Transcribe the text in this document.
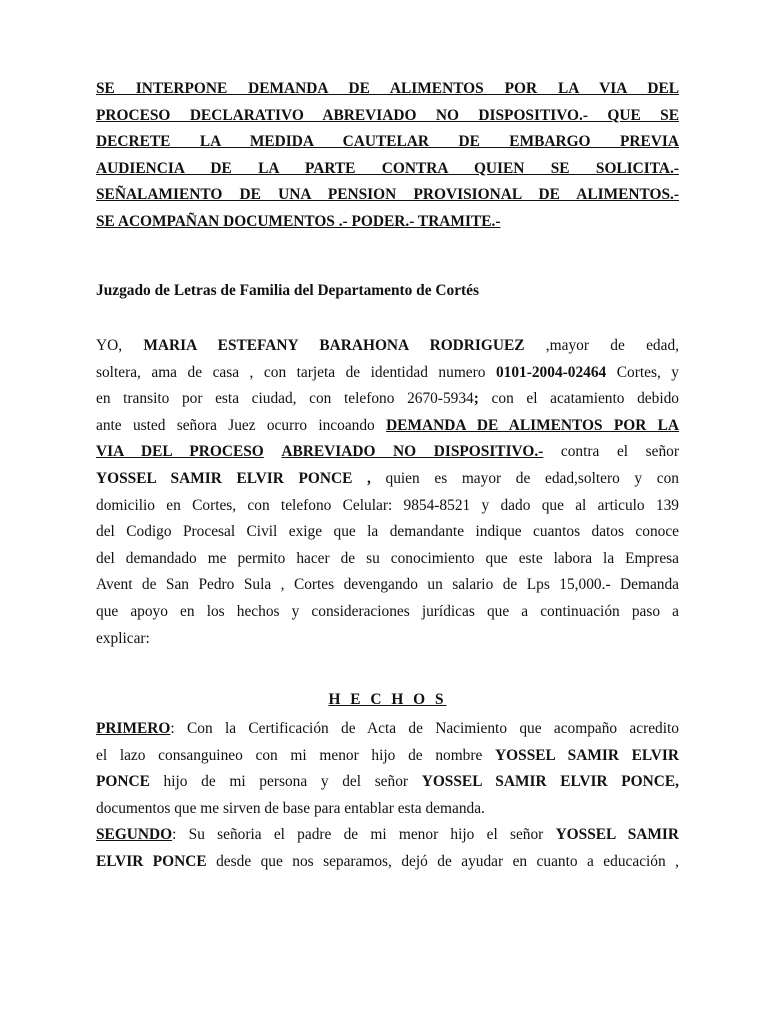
SE INTERPONE DEMANDA DE ALIMENTOS POR LA VIA DEL
PROCESO DECLARATIVO ABREVIADO NO DISPOSITIVO.- QUE SE
DECRETE LA MEDIDA CAUTELAR DE EMBARGO PREVIA
AUDIENCIA DE LA PARTE CONTRA QUIEN SE SOLICITA.-
SEÑALAMIENTO DE UNA PENSION PROVISIONAL DE ALIMENTOS.-
SE ACOMPAÑAN DOCUMENTOS .- PODER.- TRAMITE.-
Juzgado de Letras de Familia del Departamento de Cortés
YO, MARIA ESTEFANY BARAHONA RODRIGUEZ ,mayor de edad,
soltera, ama de casa , con tarjeta de identidad numero 0101-2004-02464 Cortes, y
en transito por esta ciudad, con telefono 2670-5934; con el acatamiento debido
ante usted señora Juez ocurro incoando DEMANDA DE ALIMENTOS POR LA
VIA DEL PROCESO ABREVIADO NO DISPOSITIVO.- contra el señor
YOSSEL SAMIR ELVIR PONCE , quien es mayor de edad,soltero y con
domicilio en Cortes, con telefono Celular: 9854-8521 y dado que al articulo 139
del Codigo Procesal Civil exige que la demandante indique cuantos datos conoce
del demandado me permito hacer de su conocimiento que este labora la Empresa
Avent de San Pedro Sula , Cortes devengando un salario de Lps 15,000.- Demanda
que apoyo en los hechos y consideraciones jurídicas que a continuación paso a
explicar:
H E C H O S
PRIMERO: Con la Certificación de Acta de Nacimiento que acompaño acredito
el lazo consanguineo con mi menor hijo de nombre YOSSEL SAMIR ELVIR
PONCE hijo de mi persona y del señor YOSSEL SAMIR ELVIR PONCE,
documentos que me sirven de base para entablar esta demanda.
SEGUNDO: Su señoria el padre de mi menor hijo el señor YOSSEL SAMIR
ELVIR PONCE desde que nos separamos, dejó de ayudar en cuanto a educación ,
